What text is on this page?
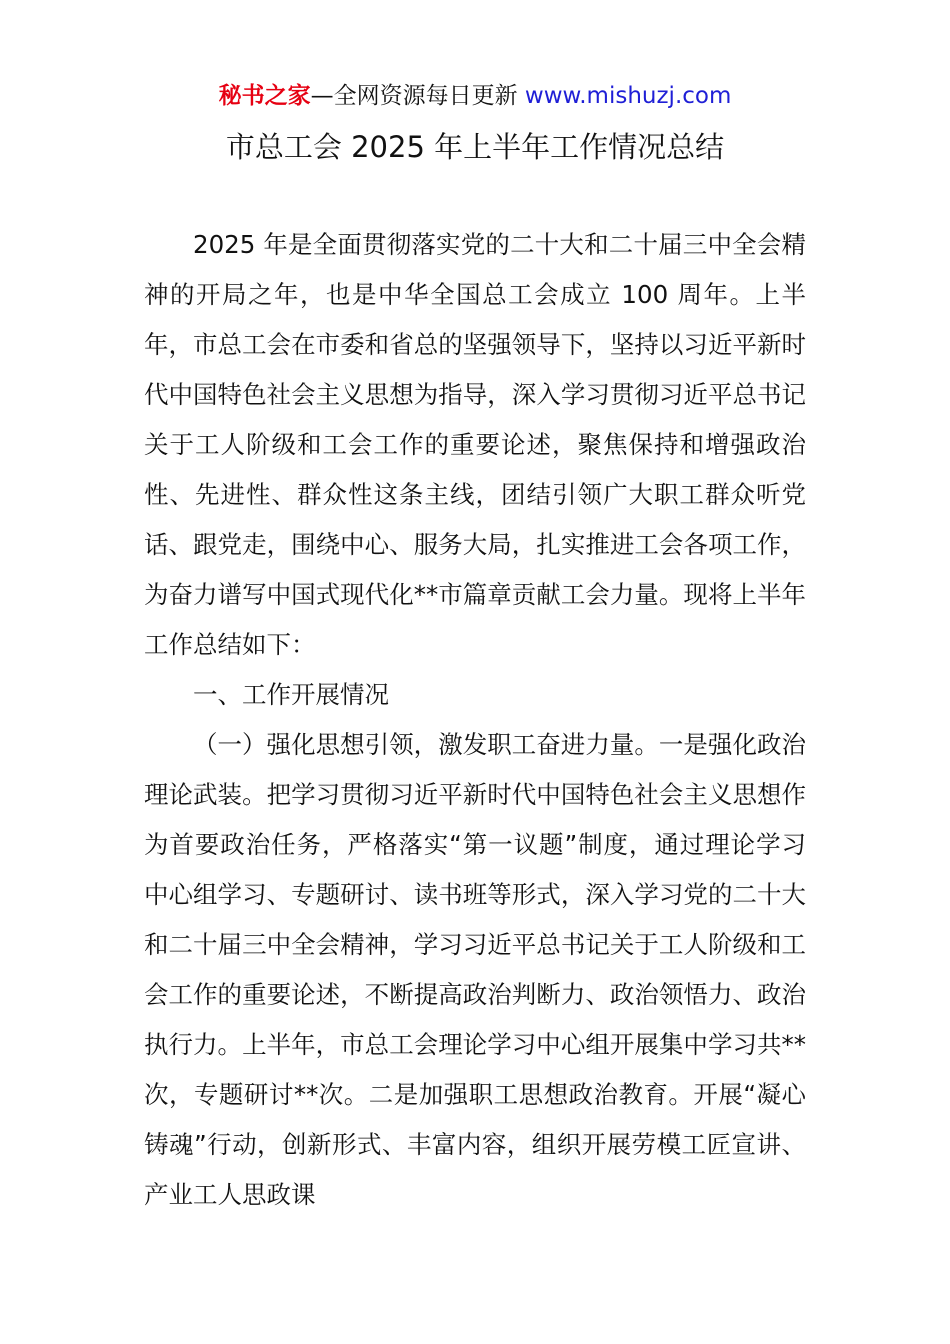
秘书之家—全网资源每日更新 www.mishuzj.com
市总工会 2025 年上半年工作情况总结

2025 年是全面贯彻落实党的二十大和二十届三中全会精神的开局之年，也是中华全国总工会成立 100 周年。上半年，市总工会在市委和省总的坚强领导下，坚持以习近平新时代中国特色社会主义思想为指导，深入学习贯彻习近平总书记关于工人阶级和工会工作的重要论述，聚焦保持和增强政治性、先进性、群众性这条主线，团结引领广大职工群众听党话、跟党走，围绕中心、服务大局，扎实推进工会各项工作，为奋力谱写中国式现代化**市篇章贡献工会力量。现将上半年工作总结如下：

一、工作开展情况

（一）强化思想引领，激发职工奋进力量。一是强化政治理论武装。把学习贯彻习近平新时代中国特色社会主义思想作为首要政治任务，严格落实“第一议题”制度，通过理论学习中心组学习、专题研讨、读书班等形式，深入学习党的二十大和二十届三中全会精神，学习习近平总书记关于工人阶级和工会工作的重要论述，不断提高政治判断力、政治领悟力、政治执行力。上半年，市总工会理论学习中心组开展集中学习共**次，专题研讨**次。二是加强职工思想政治教育。开展“凝心铸魂”行动，创新形式、丰富内容，组织开展劳模工匠宣讲、产业工人思政课
